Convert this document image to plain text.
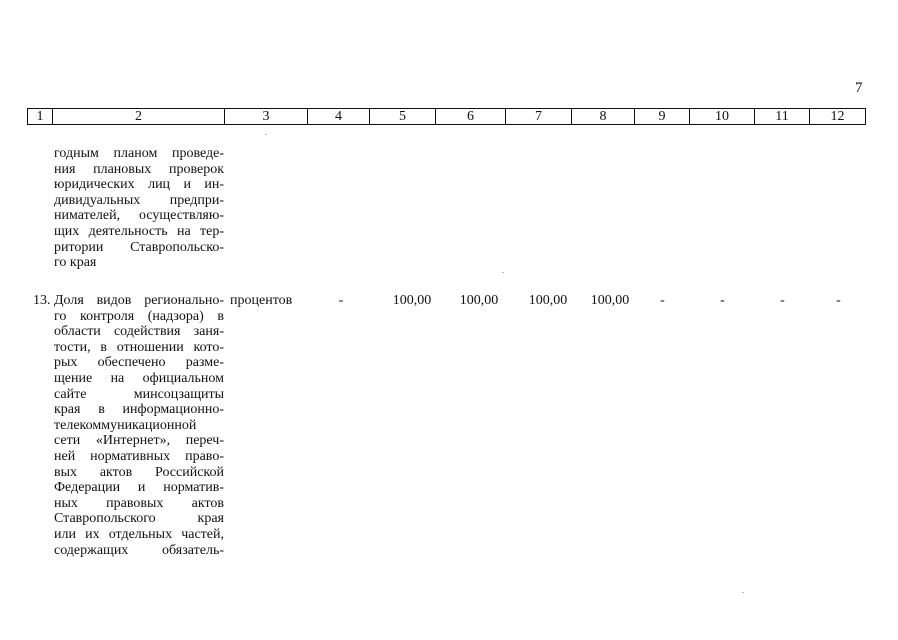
7
1	2	3	4	5	6	7	8	9	10	11	12
годным планом проведе-
ния плановых проверок
юридических лиц и ин-
дивидуальных предпри-
нимателей, осуществляю-
щих деятельность на тер-
ритории Ставропольско-
го края
13. Доля видов регионально-
го контроля (надзора) в
области содействия заня-
тости, в отношении кото-
рых обеспечено разме-
щение на официальном
сайте минсоцзащиты
края в информационно-
телекоммуникационной
сети «Интернет», переч-
ней нормативных право-
вых актов Российской
Федерации и норматив-
ных правовых актов
Ставропольского края
или их отдельных частей,
содержащих обязатель-
процентов	-	100,00	100,00	100,00	100,00	-	-	-	-
